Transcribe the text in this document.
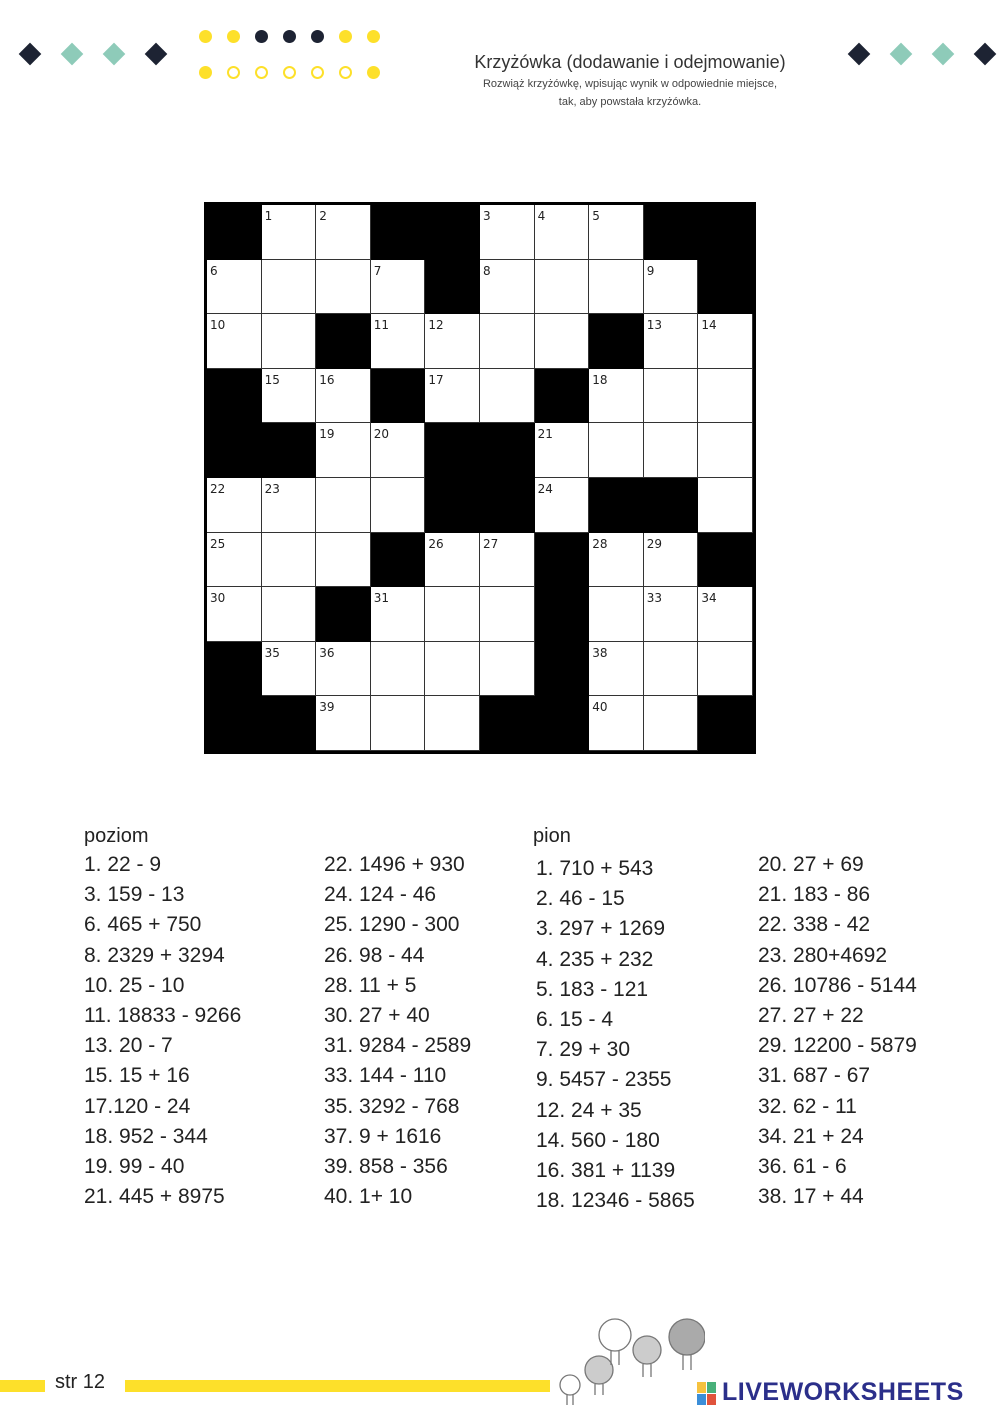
Krzyżówka (dodawanie i odejmowanie)
Rozwiąż krzyżówkę, wpisując wynik w odpowiednie miejsce,
tak, aby powstała krzyżówka.
1	2	3	4	5
6	7	8	9
10	11	12	13	14
15	16	17	18
19	20	21
22	23	24
25	26	27	28	29
30	31	33	34
35	36	38
39	40
poziom	pion
1. 22 - 9
3. 159 - 13
6. 465 + 750
8. 2329 + 3294
10. 25 - 10
11. 18833 - 9266
13. 20 - 7
15. 15 + 16
17.120 - 24
18. 952 - 344
19. 99 - 40
21. 445 + 8975
22. 1496 + 930
24. 124 - 46
25. 1290 - 300
26. 98 - 44
28. 11 + 5
30. 27 + 40
31. 9284 - 2589
33. 144 - 110
35. 3292 - 768
37. 9 + 1616
39. 858 - 356
40. 1+ 10
1. 710 + 543
2. 46 - 15
3. 297 + 1269
4. 235 + 232
5. 183 - 121
6. 15 - 4
7. 29 + 30
9. 5457 - 2355
12. 24 + 35
14. 560 - 180
16. 381 + 1139
18. 12346 - 5865
20. 27 + 69
21. 183 - 86
22. 338 - 42
23. 280+4692
26. 10786 - 5144
27. 27 + 22
29. 12200 - 5879
31. 687 - 67
32. 62 - 11
34. 21 + 24
36. 61 - 6
38. 17 + 44
str 12	LIVEWORKSHEETS
